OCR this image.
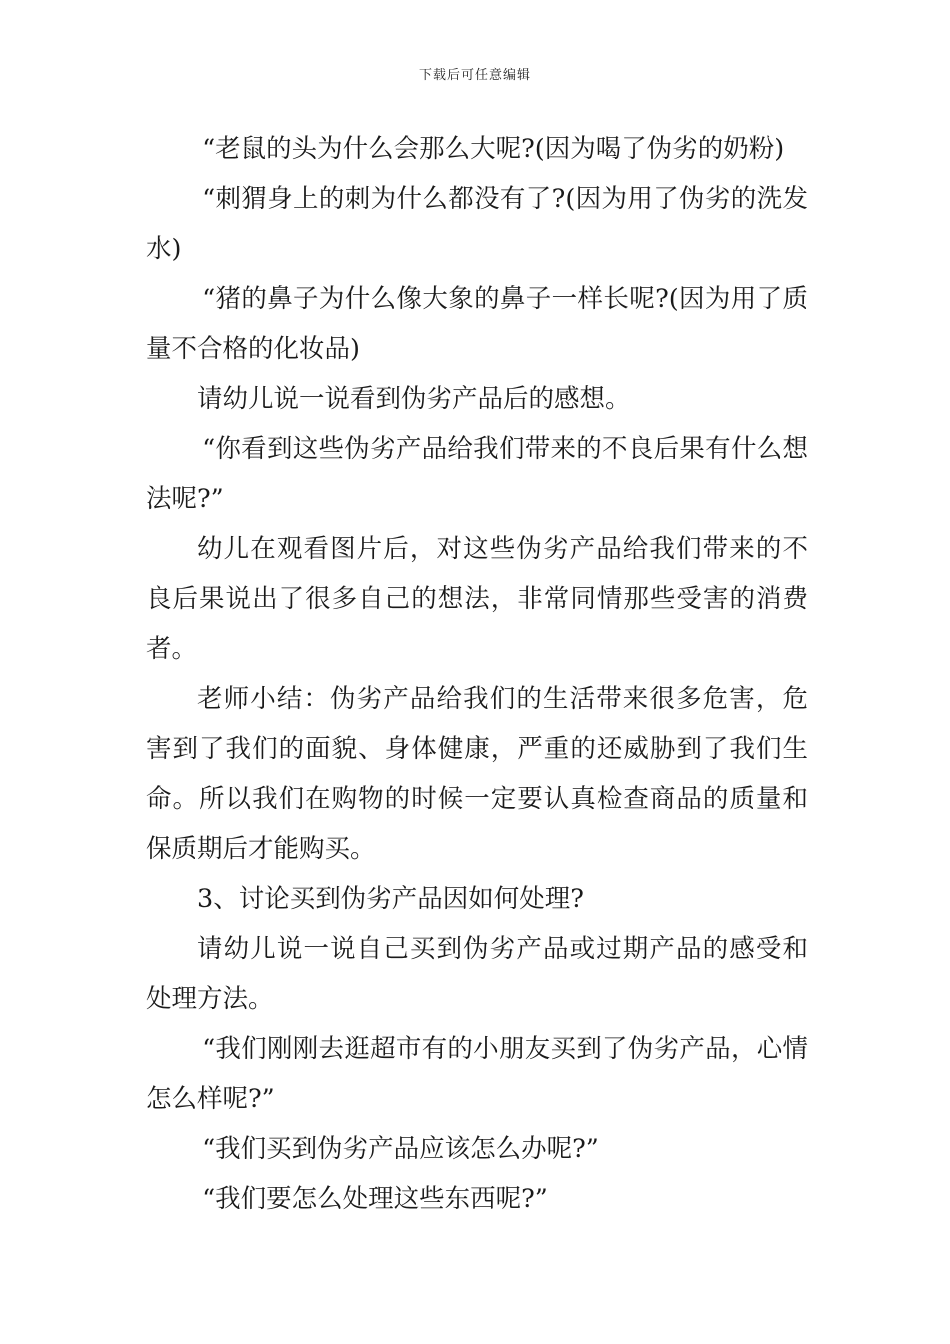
下载后可任意编辑

“老鼠的头为什么会那么大呢?(因为喝了伪劣的奶粉)

“刺猬身上的刺为什么都没有了?(因为用了伪劣的洗发水)

“猪的鼻子为什么像大象的鼻子一样长呢?(因为用了质量不合格的化妆品)

请幼儿说一说看到伪劣产品后的感想。

“你看到这些伪劣产品给我们带来的不良后果有什么想法呢?”

幼儿在观看图片后，对这些伪劣产品给我们带来的不良后果说出了很多自己的想法，非常同情那些受害的消费者。

老师小结：伪劣产品给我们的生活带来很多危害，危害到了我们的面貌、身体健康，严重的还威胁到了我们生命。所以我们在购物的时候一定要认真检查商品的质量和保质期后才能购买。

3、讨论买到伪劣产品因如何处理?

请幼儿说一说自己买到伪劣产品或过期产品的感受和处理方法。

“我们刚刚去逛超市有的小朋友买到了伪劣产品，心情怎么样呢?”

“我们买到伪劣产品应该怎么办呢?”

“我们要怎么处理这些东西呢?”
